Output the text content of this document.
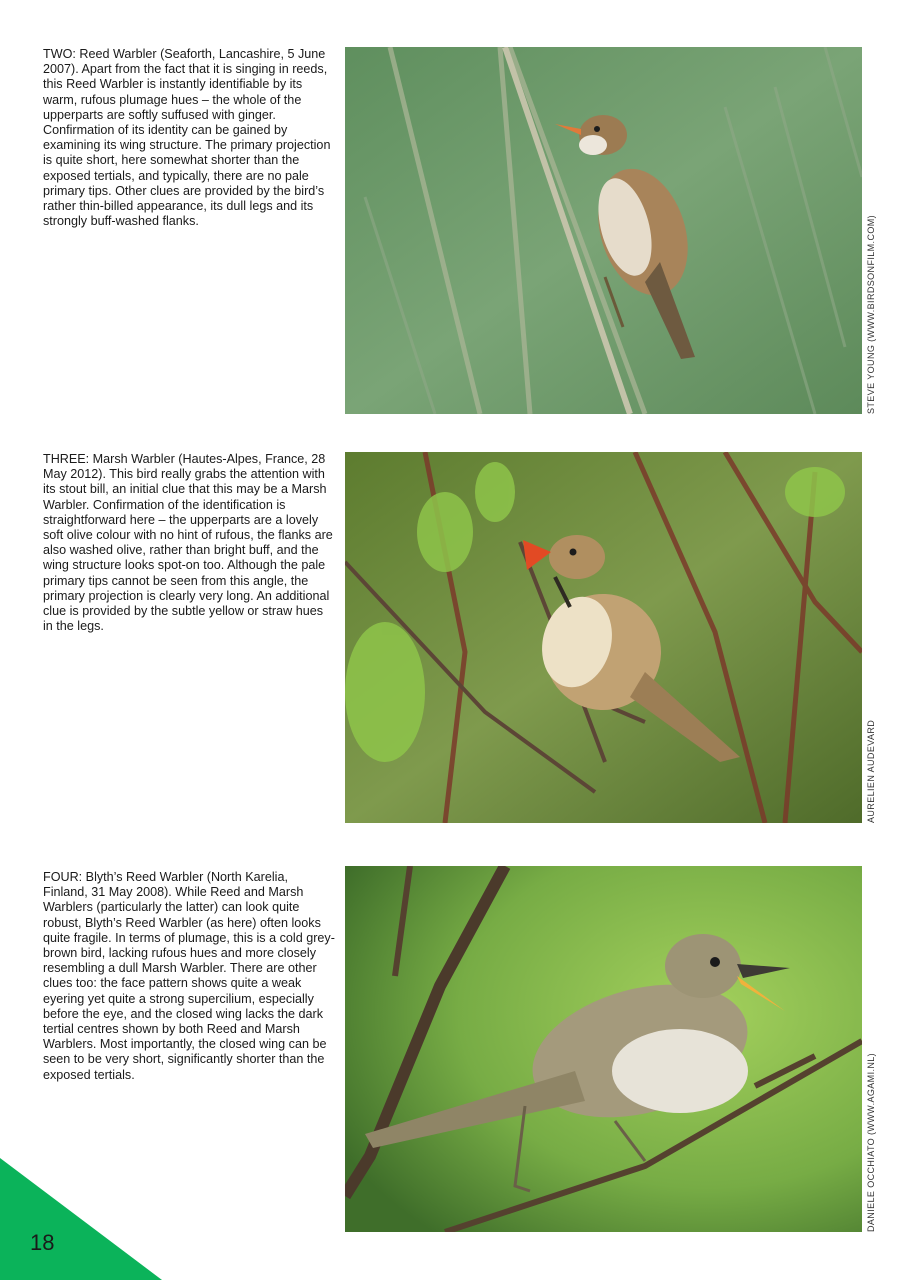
TWO: Reed Warbler (Seaforth, Lancashire, 5 June 2007). Apart from the fact that it is singing in reeds, this Reed Warbler is instantly identifiable by its warm, rufous plumage hues – the whole of the upperparts are softly suffused with ginger. Confirmation of its identity can be gained by examining its wing structure. The primary projection is quite short, here somewhat shorter than the exposed tertials, and typically, there are no pale primary tips. Other clues are provided by the bird’s rather thin-billed appearance, its dull legs and its strongly buff-washed flanks.	STEVE YOUNG (WWW.BIRDSONFILM.COM)

THREE: Marsh Warbler (Hautes-Alpes, France, 28 May 2012). This bird really grabs the attention with its stout bill, an initial clue that this may be a Marsh Warbler. Confirmation of the identification is straightforward here – the upperparts are a lovely soft olive colour with no hint of rufous, the flanks are also washed olive, rather than bright buff, and the wing structure looks spot-on too. Although the pale primary tips cannot be seen from this angle, the primary projection is clearly very long. An additional clue is provided by the subtle yellow or straw hues in the legs.

AURELIEN AUDEVARD

FOUR: Blyth’s Reed Warbler (North Karelia, Finland, 31 May 2008). While Reed and Marsh Warblers (particularly the latter) can look quite robust, Blyth’s Reed Warbler (as here) often looks quite fragile. In terms of plumage, this is a cold grey-brown bird, lacking rufous hues and more closely resembling a dull Marsh Warbler. There are other clues too: the face pattern shows quite a weak eyering yet quite a strong supercilium, especially before the eye, and the closed wing lacks the dark tertial centres shown by both Reed and Marsh Warblers. Most importantly, the closed wing can be seen to be very short, significantly shorter than the exposed tertials.	DANIELE OCCHIATO (WWW.AGAMI.NL)
18
